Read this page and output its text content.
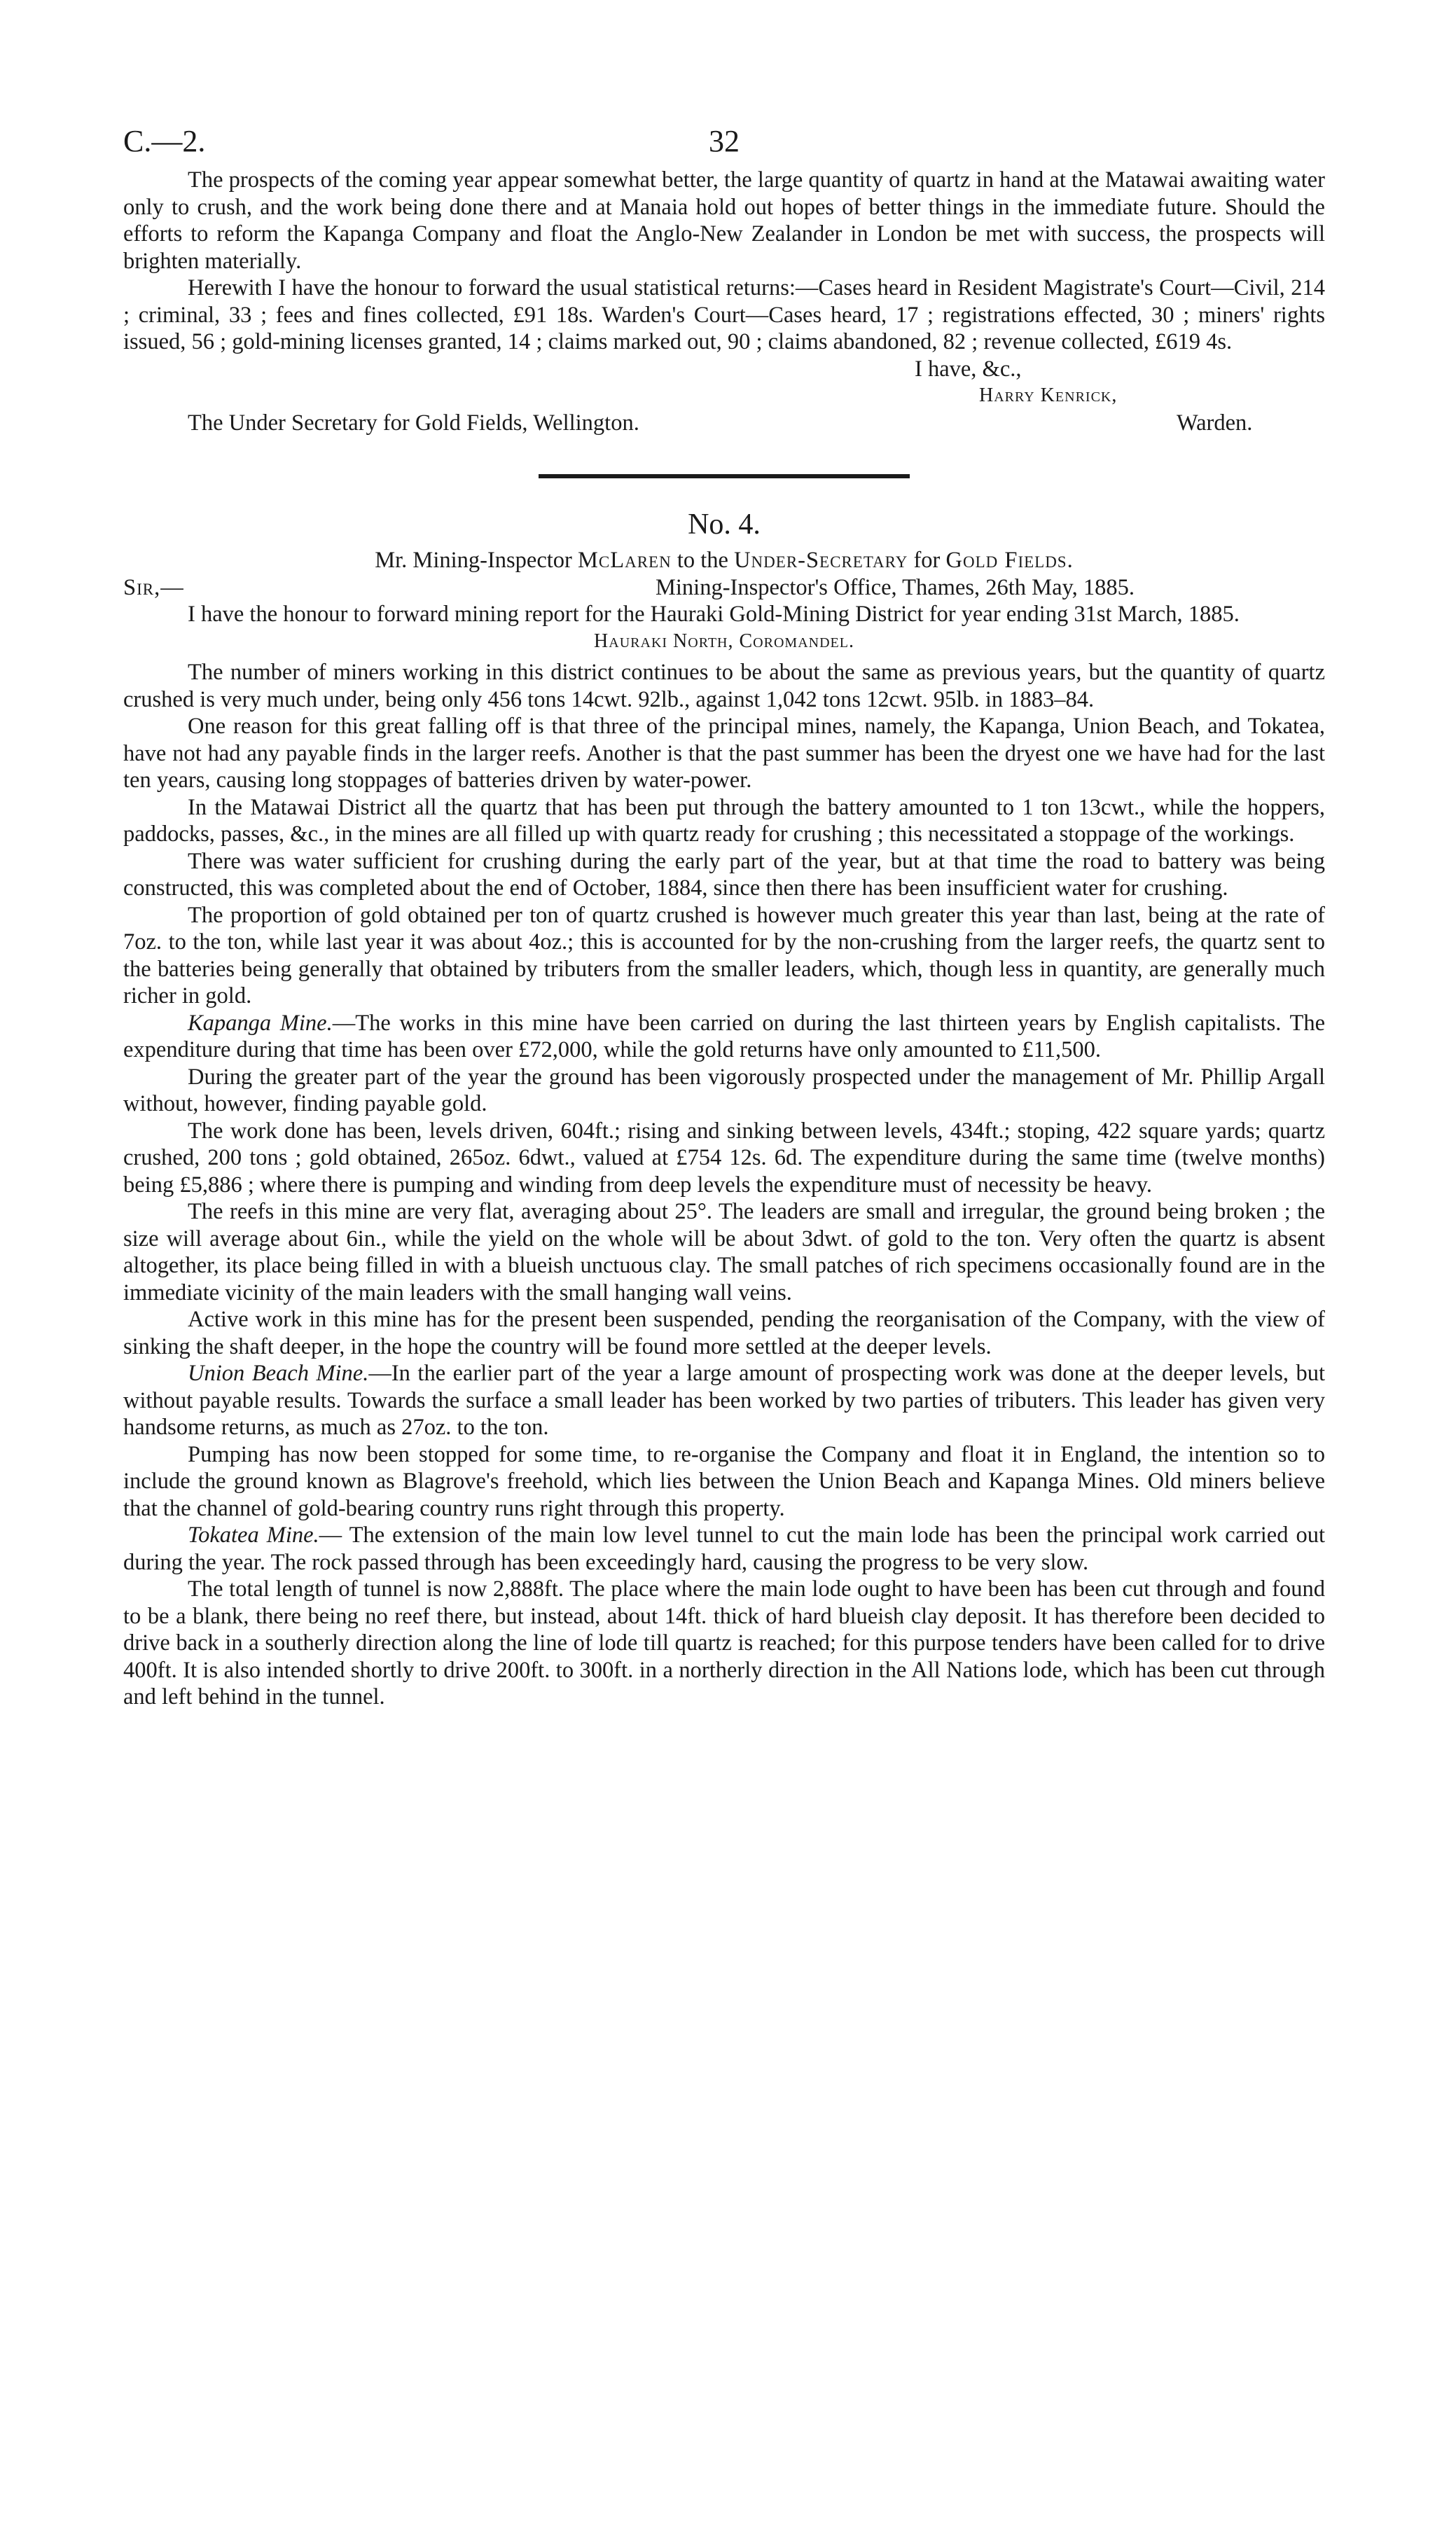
C.—2.	32

The prospects of the coming year appear somewhat better, the large quantity of quartz in hand at the Matawai awaiting water only to crush, and the work being done there and at Manaia hold out hopes of better things in the immediate future. Should the efforts to reform the Kapanga Company and float the Anglo-New Zealander in London be met with success, the prospects will brighten materially.

Herewith I have the honour to forward the usual statistical returns:—Cases heard in Resident Magistrate's Court—Civil, 214 ; criminal, 33 ; fees and fines collected, £91 18s. Warden's Court—Cases heard, 17 ; registrations effected, 30 ; miners' rights issued, 56 ; gold-mining licenses granted, 14 ; claims marked out, 90 ; claims abandoned, 82 ; revenue collected, £619 4s.

I have, &c.,
Harry Kenrick,
The Under Secretary for Gold Fields, Wellington.	Warden.
No. 4.

Mr. Mining-Inspector McLaren to the Under-Secretary for Gold Fields.

Sir,—	Mining-Inspector's Office, Thames, 26th May, 1885.

I have the honour to forward mining report for the Hauraki Gold-Mining District for year ending 31st March, 1885.

Hauraki North, Coromandel.

The number of miners working in this district continues to be about the same as previous years, but the quantity of quartz crushed is very much under, being only 456 tons 14cwt. 92lb., against 1,042 tons 12cwt. 95lb. in 1883–84.

One reason for this great falling off is that three of the principal mines, namely, the Kapanga, Union Beach, and Tokatea, have not had any payable finds in the larger reefs. Another is that the past summer has been the dryest one we have had for the last ten years, causing long stoppages of batteries driven by water-power.

In the Matawai District all the quartz that has been put through the battery amounted to 1 ton 13cwt., while the hoppers, paddocks, passes, &c., in the mines are all filled up with quartz ready for crushing ; this necessitated a stoppage of the workings.

There was water sufficient for crushing during the early part of the year, but at that time the road to battery was being constructed, this was completed about the end of October, 1884, since then there has been insufficient water for crushing.

The proportion of gold obtained per ton of quartz crushed is however much greater this year than last, being at the rate of 7oz. to the ton, while last year it was about 4oz.; this is accounted for by the non-crushing from the larger reefs, the quartz sent to the batteries being generally that obtained by tributers from the smaller leaders, which, though less in quantity, are generally much richer in gold.

Kapanga Mine.—The works in this mine have been carried on during the last thirteen years by English capitalists. The expenditure during that time has been over £72,000, while the gold returns have only amounted to £11,500.

During the greater part of the year the ground has been vigorously prospected under the management of Mr. Phillip Argall without, however, finding payable gold.

The work done has been, levels driven, 604ft.; rising and sinking between levels, 434ft.; stoping, 422 square yards; quartz crushed, 200 tons ; gold obtained, 265oz. 6dwt., valued at £754 12s. 6d. The expenditure during the same time (twelve months) being £5,886 ; where there is pumping and winding from deep levels the expenditure must of necessity be heavy.

The reefs in this mine are very flat, averaging about 25°. The leaders are small and irregular, the ground being broken ; the size will average about 6in., while the yield on the whole will be about 3dwt. of gold to the ton. Very often the quartz is absent altogether, its place being filled in with a blueish unctuous clay. The small patches of rich specimens occasionally found are in the immediate vicinity of the main leaders with the small hanging wall veins.

Active work in this mine has for the present been suspended, pending the reorganisation of the Company, with the view of sinking the shaft deeper, in the hope the country will be found more settled at the deeper levels.

Union Beach Mine.—In the earlier part of the year a large amount of prospecting work was done at the deeper levels, but without payable results. Towards the surface a small leader has been worked by two parties of tributers. This leader has given very handsome returns, as much as 27oz. to the ton.

Pumping has now been stopped for some time, to re-organise the Company and float it in England, the intention so to include the ground known as Blagrove's freehold, which lies between the Union Beach and Kapanga Mines. Old miners believe that the channel of gold-bearing country runs right through this property.

Tokatea Mine.— The extension of the main low level tunnel to cut the main lode has been the principal work carried out during the year. The rock passed through has been exceedingly hard, causing the progress to be very slow.

The total length of tunnel is now 2,888ft. The place where the main lode ought to have been has been cut through and found to be a blank, there being no reef there, but instead, about 14ft. thick of hard blueish clay deposit. It has therefore been decided to drive back in a southerly direction along the line of lode till quartz is reached; for this purpose tenders have been called for to drive 400ft. It is also intended shortly to drive 200ft. to 300ft. in a northerly direction in the All Nations lode, which has been cut through and left behind in the tunnel.
